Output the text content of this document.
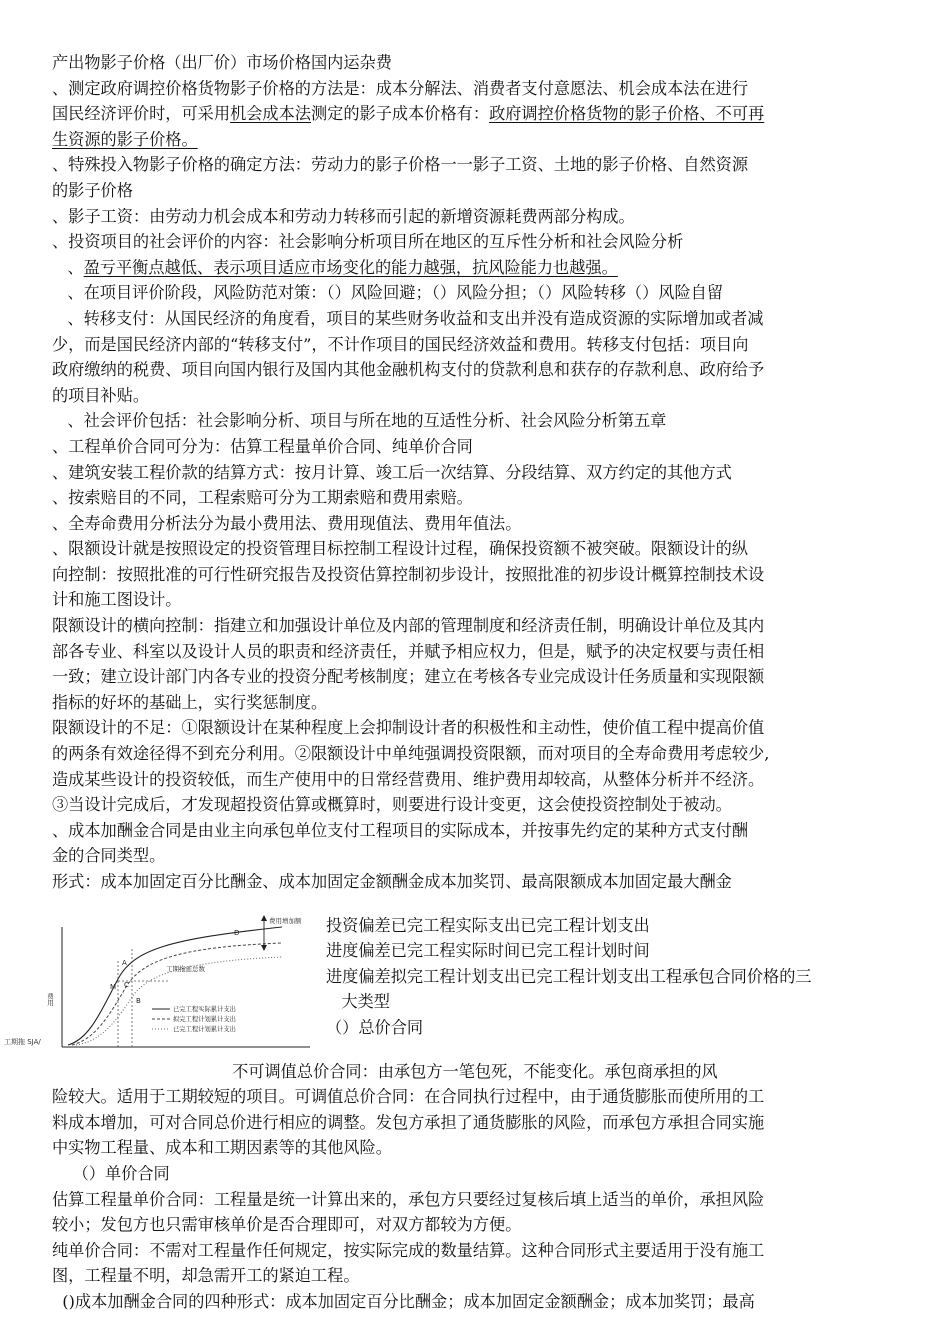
产出物影子价格（出厂价）市场价格国内运杂费
、测定政府调控价格货物影子价格的方法是：成本分解法、消费者支付意愿法、机会成本法在进行
国民经济评价时，可采用机会成本法测定的影子成本价格有：政府调控价格货物的影子价格、不可再
生资源的影子价格。
、特殊投入物影子价格的确定方法：劳动力的影子价格一一影子工资、土地的影子价格、自然资源
的影子价格
、影子工资：由劳动力机会成本和劳动力转移而引起的新增资源耗费两部分构成。
、投资项目的社会评价的内容：社会影响分析项目所在地区的互斥性分析和社会风险分析
、盈亏平衡点越低、表示项目适应市场变化的能力越强，抗风险能力也越强。
、在项目评价阶段，风险防范对策：（）风险回避；（）风险分担；（）风险转移（）风险自留
、转移支付：从国民经济的角度看，项目的某些财务收益和支出并没有造成资源的实际增加或者减
少，而是国民经济内部的“转移支付”，不计作项目的国民经济效益和费用。转移支付包括：项目向
政府缴纳的税费、项目向国内银行及国内其他金融机构支付的贷款利息和获存的存款利息、政府给予
的项目补贴。
、社会评价包括：社会影响分析、项目与所在地的互适性分析、社会风险分析第五章
、工程单价合同可分为：估算工程量单价合同、纯单价合同
、建筑安装工程价款的结算方式：按月计算、竣工后一次结算、分段结算、双方约定的其他方式
、按索赔目的不同，工程索赔可分为工期索赔和费用索赔。
、全寿命费用分析法分为最小费用法、费用现值法、费用年值法。
、限额设计就是按照设定的投资管理目标控制工程设计过程，确保投资额不被突破。限额设计的纵
向控制：按照批准的可行性研究报告及投资估算控制初步设计，按照批准的初步设计概算控制技术设
计和施工图设计。
限额设计的横向控制：指建立和加强设计单位及内部的管理制度和经济责任制，明确设计单位及其内
部各专业、科室以及设计人员的职责和经济责任，并赋予相应权力，但是，赋予的决定权要与责任相
一致；建立设计部门内各专业的投资分配考核制度；建立在考核各专业完成设计任务质量和实现限额
指标的好坏的基础上，实行奖惩制度。
限额设计的不足：①限额设计在某种程度上会抑制设计者的积极性和主动性，使价值工程中提高价值
的两条有效途径得不到充分利用。②限额设计中单纯强调投资限额，而对项目的全寿命费用考虑较少,
造成某些设计的投资较低，而生产使用中的日常经营费用、维护费用却较高，从整体分析并不经济。
③当设计完成后，才发现超投资估算或概算时，则要进行设计变更，这会使投资控制处于被动。
、成本加酬金合同是由业主向承包单位支付工程项目的实际成本，并按事先约定的某种方式支付酬
金的合同类型。
形式：成本加固定百分比酬金、成本加固定金额酬金成本加奖罚、最高限额成本加固定最大酬金
费用增加额
工期拖延总数
费用
A
M
B
C
D
已完工程实际累计支出
拟完工程计划累计支出
已完工程计划累计支出
工期拖 SJA/
投资偏差已完工程实际支出已完工程计划支出
进度偏差已完工程实际时间已完工程计划时间
进度偏差拟完工程计划支出已完工程计划支出工程承包合同价格的三
大类型
（）总价合同
不可调值总价合同：由承包方一笔包死，不能变化。承包商承担的风
险较大。适用于工期较短的项目。可调值总价合同：在合同执行过程中，由于通货膨胀而使所用的工
料成本增加，可对合同总价进行相应的调整。发包方承担了通货膨胀的风险，而承包方承担合同实施
中实物工程量、成本和工期因素等的其他风险。
（）单价合同
估算工程量单价合同：工程量是统一计算出来的，承包方只要经过复核后填上适当的单价，承担风险
较小；发包方也只需审核单价是否合理即可，对双方都较为方便。
纯单价合同：不需对工程量作任何规定，按实际完成的数量结算。这种合同形式主要适用于没有施工
图，工程量不明，却急需开工的紧迫工程。
()成本加酬金合同的四种形式：成本加固定百分比酬金；成本加固定金额酬金；成本加奖罚；最高
